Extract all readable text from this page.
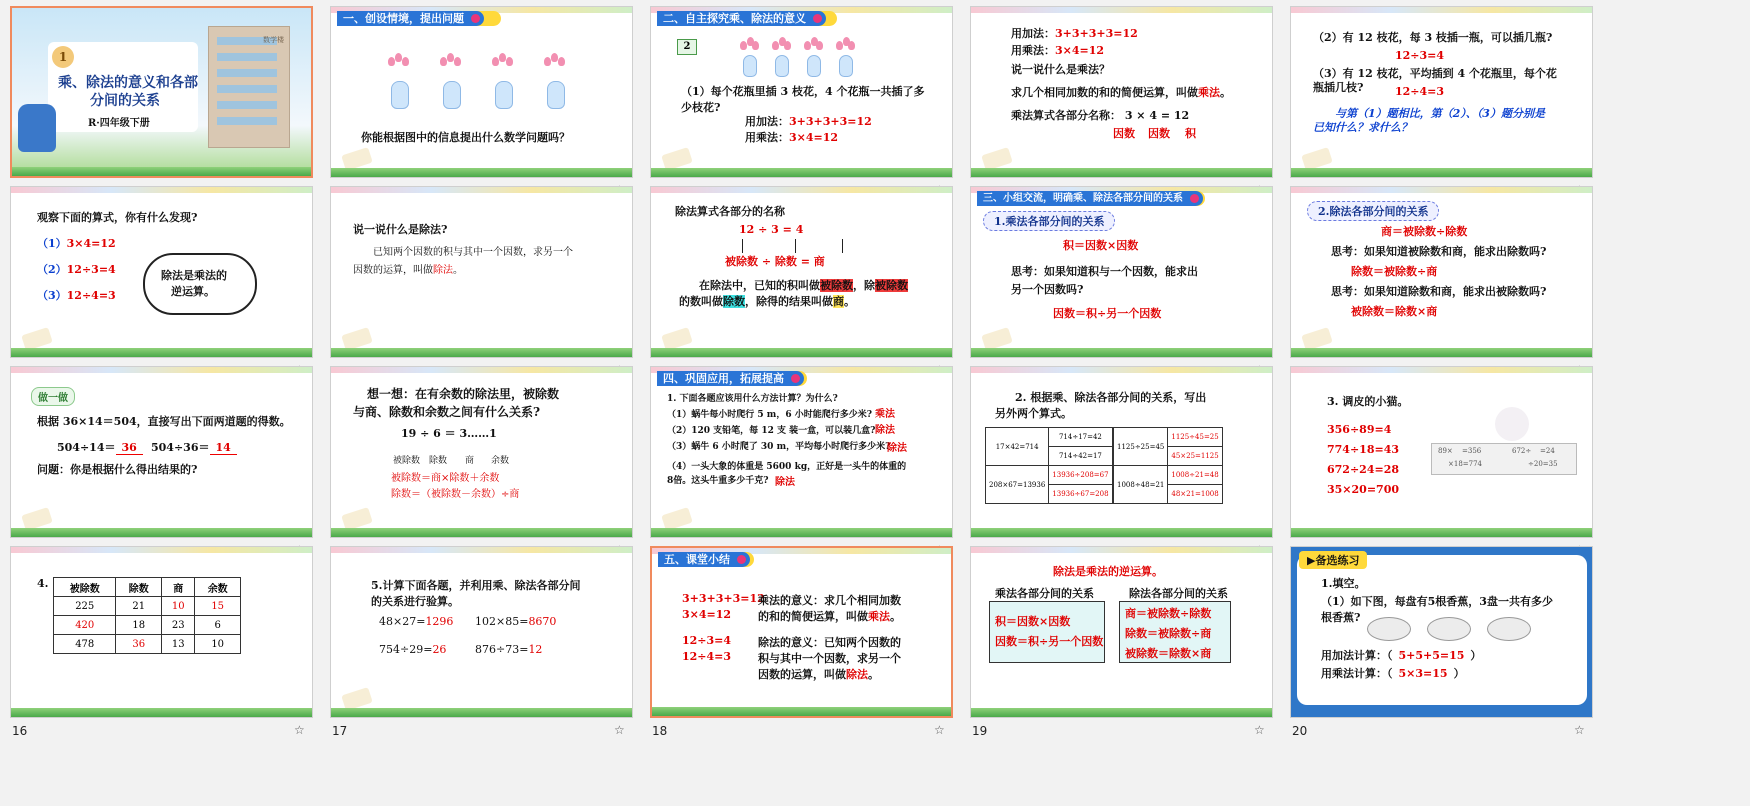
数学楼
1
乘、除法的意义和各部
分间的关系
R·四年级下册
一、创设情境，提出问题
你能根据图中的信息提出什么数学问题吗？
二、自主探究乘、除法的意义
2
（1）每个花瓶里插 3 枝花，4 个花瓶一共插了多
少枝花?
用加法：3+3+3+3=12
用乘法：3×4=12
用加法：3+3+3+3=12
用乘法：3×4=12
说一说什么是乘法？
求几个相同加数的和的简便运算，叫做乘法。
乘法算式各部分名称： 3 × 4 = 12
因数 因数 积
（2）有 12 枝花，每 3 枝插一瓶，可以插几瓶?
12÷3=4
（3）有 12 枝花，平均插到 4 个花瓶里，每个花
瓶插几枝?	12÷4=3
与第（1）题相比，第（2）、（3）题分别是
已知什么？求什么？
观察下面的算式，你有什么发现?
（1）3×4=12
（2）12÷3=4
（3）12÷4=3
除法是乘法的
逆运算。
说一说什么是除法?
已知两个因数的积与其中一个因数，求另一个
因数的运算，叫做除法。
除法算式各部分的名称
12 ÷ 3 = 4
被除数 ÷ 除数 = 商
在除法中，已知的积叫做被除数，除被除数
的数叫做除数，除得的结果叫做商。
三、小组交流，明确乘、除法各部分间的关系
1.乘法各部分间的关系
积＝因数×因数
思考：如果知道积与一个因数，能求出
另一个因数吗?
因数＝积÷另一个因数
2.除法各部分间的关系
商＝被除数÷除数
思考：如果知道被除数和商，能求出除数吗?
除数＝被除数÷商
思考：如果知道除数和商，能求出被除数吗?
被除数＝除数×商
做一做
根据 36×14＝504，直接写出下面两道题的得数。
504÷14＝ 36	504÷36＝ 14
问题：你是根据什么得出结果的?
想一想：在有余数的除法里，被除数
与商、除数和余数之间有什么关系?
19 ÷ 6 ＝ 3……1
被除数 除数 商 余数
被除数＝商×除数＋余数
除数＝（被除数－余数）÷商
四、巩固应用，拓展提高
1. 下面各题应该用什么方法计算？为什么?
（1）蜗牛每小时爬行 5 m，6 小时能爬行多少米? 乘法
（2）120 支铅笔，每 12 支 装一盒，可以装几盒? 除法
（3）蜗牛 6 小时爬了 30 m，平均每小时爬行多少米?
除法
（4）一头大象的体重是 5600 kg，正好是一头牛的体重的
8倍。这头牛重多少千克? 除法
2. 根据乘、除法各部分间的关系，写出
另外两个算式。
17×42=714	714÷17=42
	714÷42=17
208×67=13936	13936÷208=67
	13936÷67=208
1125÷25=45	1125÷45=25
	45×25=1125
1008÷48=21	1008÷21=48
	48×21=1008
3. 调皮的小猫。
356÷89=4
774÷18=43
672÷24=28
35×20=700
89× =356
×18=774
672÷ =24
÷20=35
4. 被除数	除数	商	余数
225	21	10	15
420	18	23	6
478	36	13	10
16	☆
5.计算下面各题，并利用乘、除法各部分间
的关系进行验算。
48×27=1296 102×85=8670
754÷29=26	876÷73=12
17	☆
五、课堂小结
3+3+3+3=12
3×4=12
12÷3=4
12÷4=3
乘法的意义：求几个相同加数
的和的简便运算，叫做乘法。
除法的意义：已知两个因数的
积与其中一个因数，求另一个
因数的运算，叫做除法。
18	☆
除法是乘法的逆运算。
乘法各部分间的关系	除法各部分间的关系
积＝因数×因数
因数＝积÷另一个因数
商＝被除数÷除数
除数＝被除数÷商
被除数＝除数×商
19	☆
▶备选练习
1.填空。
（1）如下图，每盘有5根香蕉，3盘一共有多少
根香蕉?
用加法计算：（ 5+5+5=15 ）
用乘法计算：（ 5×3=15 ）
20	☆
